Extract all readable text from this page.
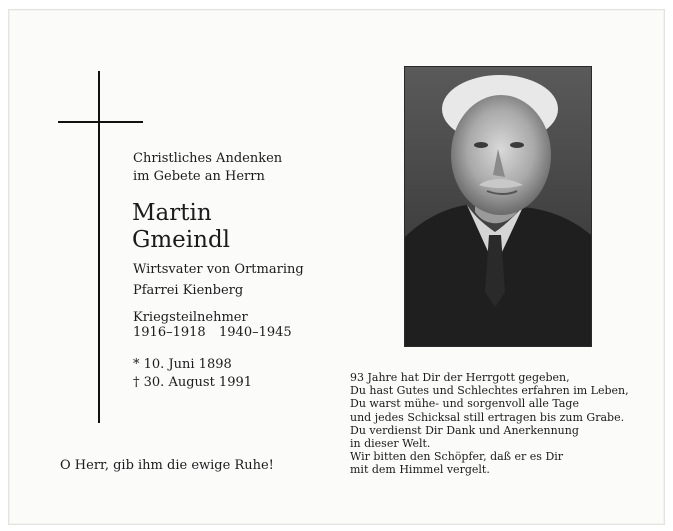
Christliches Andenken
im Gebete an Herrn
Martin
Gmeindl
Wirtsvater von Ortmaring
Pfarrei Kienberg
Kriegsteilnehmer
1916–1918 1940–1945
* 10. Juni 1898
† 30. August 1991
O Herr, gib ihm die ewige Ruhe!
93 Jahre hat Dir der Herrgott gegeben,
Du hast Gutes und Schlechtes erfahren im Leben,
Du warst mühe- und sorgenvoll alle Tage
und jedes Schicksal still ertragen bis zum Grabe.
Du verdienst Dir Dank und Anerkennung
in dieser Welt.
Wir bitten den Schöpfer, daß er es Dir
mit dem Himmel vergelt.
